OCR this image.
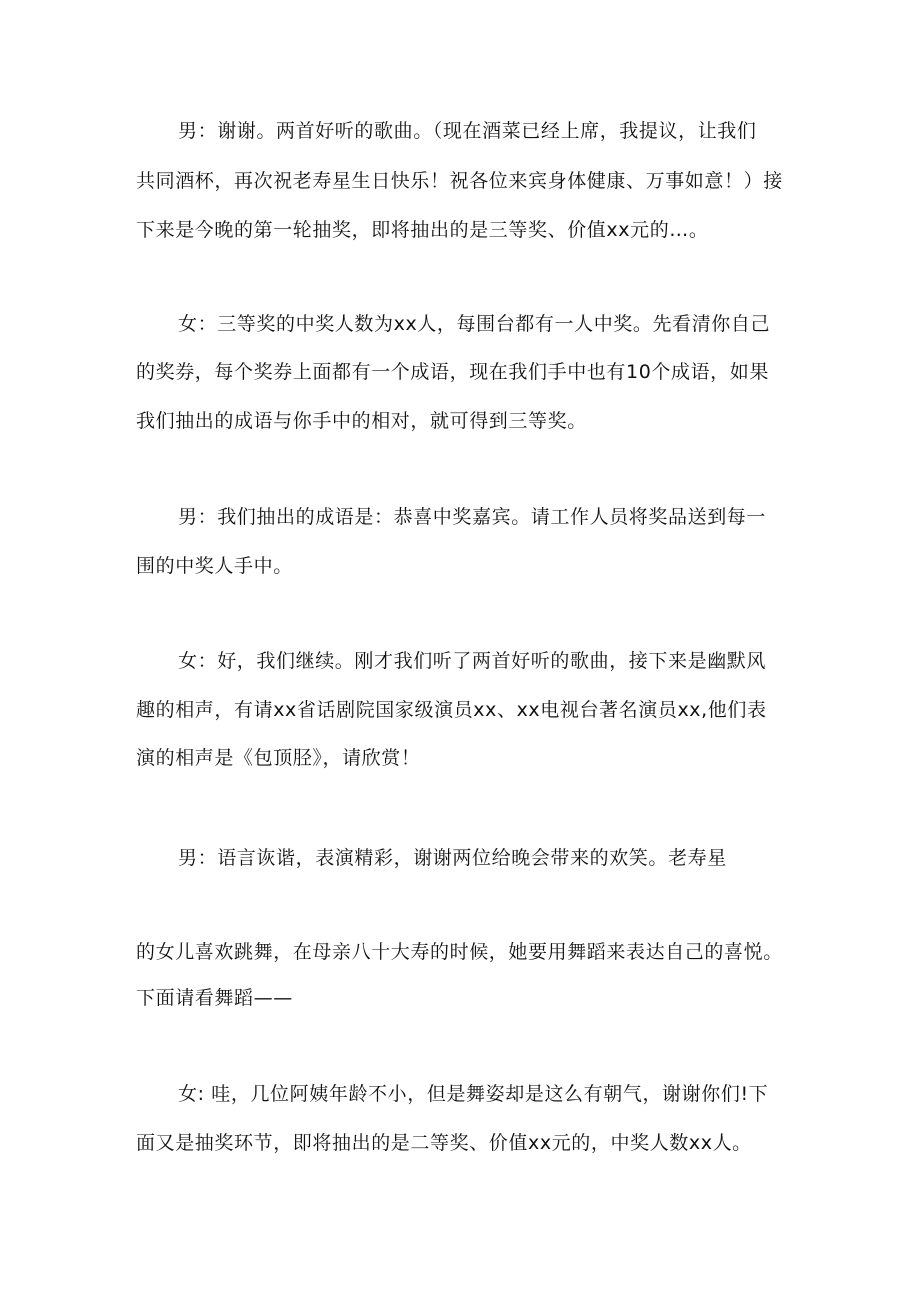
男：谢谢。两首好听的歌曲。（现在酒菜已经上席，我提议，让我们
共同酒杯，再次祝老寿星生日快乐！祝各位来宾身体健康、万事如意！）接
下来是今晚的第一轮抽奖，即将抽出的是三等奖、价值xx元的…。
女：三等奖的中奖人数为xx人，每围台都有一人中奖。先看清你自己
的奖券，每个奖券上面都有一个成语，现在我们手中也有10个成语，如果
我们抽出的成语与你手中的相对，就可得到三等奖。
男：我们抽出的成语是：恭喜中奖嘉宾。请工作人员将奖品送到每一
围的中奖人手中。
女：好，我们继续。刚才我们听了两首好听的歌曲，接下来是幽默风
趣的相声，有请xx省话剧院国家级演员xx、xx电视台著名演员xx,他们表
演的相声是《包顶胫》，请欣赏！
男：语言诙谐，表演精彩，谢谢两位给晚会带来的欢笑。老寿星
的女儿喜欢跳舞，在母亲八十大寿的时候，她要用舞蹈来表达自己的喜悦。
下面请看舞蹈——
女: 哇，几位阿姨年龄不小，但是舞姿却是这么有朝气，谢谢你们!下
面又是抽奖环节，即将抽出的是二等奖、价值xx元的，中奖人数xx人。
